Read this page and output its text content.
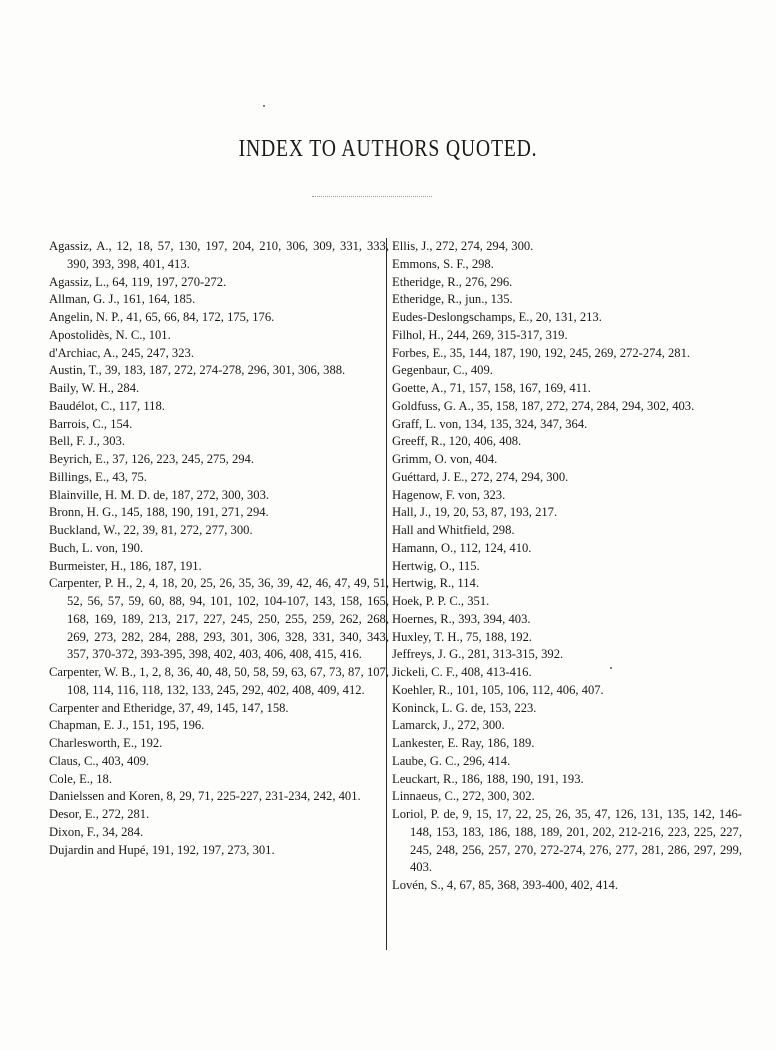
INDEX TO AUTHORS QUOTED.
Agassiz, A., 12, 18, 57, 130, 197, 204, 210, 306, 309, 331, 333, 390, 393, 398, 401, 413.
Agassiz, L., 64, 119, 197, 270-272.
Allman, G. J., 161, 164, 185.
Angelin, N. P., 41, 65, 66, 84, 172, 175, 176.
Apostolidès, N. C., 101.
d'Archiac, A., 245, 247, 323.
Austin, T., 39, 183, 187, 272, 274-278, 296, 301, 306, 388.
Baily, W. H., 284.
Baudélot, C., 117, 118.
Barrois, C., 154.
Bell, F. J., 303.
Beyrich, E., 37, 126, 223, 245, 275, 294.
Billings, E., 43, 75.
Blainville, H. M. D. de, 187, 272, 300, 303.
Bronn, H. G., 145, 188, 190, 191, 271, 294.
Buckland, W., 22, 39, 81, 272, 277, 300.
Buch, L. von, 190.
Burmeister, H., 186, 187, 191.
Carpenter, P. H., 2, 4, 18, 20, 25, 26, 35, 36, 39, 42, 46, 47, 49, 51, 52, 56, 57, 59, 60, 88, 94, 101, 102, 104-107, 143, 158, 165, 168, 169, 189, 213, 217, 227, 245, 250, 255, 259, 262, 268, 269, 273, 282, 284, 288, 293, 301, 306, 328, 331, 340, 343, 357, 370-372, 393-395, 398, 402, 403, 406, 408, 415, 416.
Carpenter, W. B., 1, 2, 8, 36, 40, 48, 50, 58, 59, 63, 67, 73, 87, 107, 108, 114, 116, 118, 132, 133, 245, 292, 402, 408, 409, 412.
Carpenter and Etheridge, 37, 49, 145, 147, 158.
Chapman, E. J., 151, 195, 196.
Charlesworth, E., 192.
Claus, C., 403, 409.
Cole, E., 18.
Danielssen and Koren, 8, 29, 71, 225-227, 231-234, 242, 401.
Desor, E., 272, 281.
Dixon, F., 34, 284.
Dujardin and Hupé, 191, 192, 197, 273, 301.
Ellis, J., 272, 274, 294, 300.
Emmons, S. F., 298.
Etheridge, R., 276, 296.
Etheridge, R., jun., 135.
Eudes-Deslongschamps, E., 20, 131, 213.
Filhol, H., 244, 269, 315-317, 319.
Forbes, E., 35, 144, 187, 190, 192, 245, 269, 272-274, 281.
Gegenbaur, C., 409.
Goette, A., 71, 157, 158, 167, 169, 411.
Goldfuss, G. A., 35, 158, 187, 272, 274, 284, 294, 302, 403.
Graff, L. von, 134, 135, 324, 347, 364.
Greeff, R., 120, 406, 408.
Grimm, O. von, 404.
Guéttard, J. E., 272, 274, 294, 300.
Hagenow, F. von, 323.
Hall, J., 19, 20, 53, 87, 193, 217.
Hall and Whitfield, 298.
Hamann, O., 112, 124, 410.
Hertwig, O., 115.
Hertwig, R., 114.
Hoek, P. P. C., 351.
Hoernes, R., 393, 394, 403.
Huxley, T. H., 75, 188, 192.
Jeffreys, J. G., 281, 313-315, 392.
Jickeli, C. F., 408, 413-416.
Koehler, R., 101, 105, 106, 112, 406, 407.
Koninck, L. G. de, 153, 223.
Lamarck, J., 272, 300.
Lankester, E. Ray, 186, 189.
Laube, G. C., 296, 414.
Leuckart, R., 186, 188, 190, 191, 193.
Linnaeus, C., 272, 300, 302.
Loriol, P. de, 9, 15, 17, 22, 25, 26, 35, 47, 126, 131, 135, 142, 146-148, 153, 183, 186, 188, 189, 201, 202, 212-216, 223, 225, 227, 245, 248, 256, 257, 270, 272-274, 276, 277, 281, 286, 297, 299, 403.
Lovén, S., 4, 67, 85, 368, 393-400, 402, 414.
